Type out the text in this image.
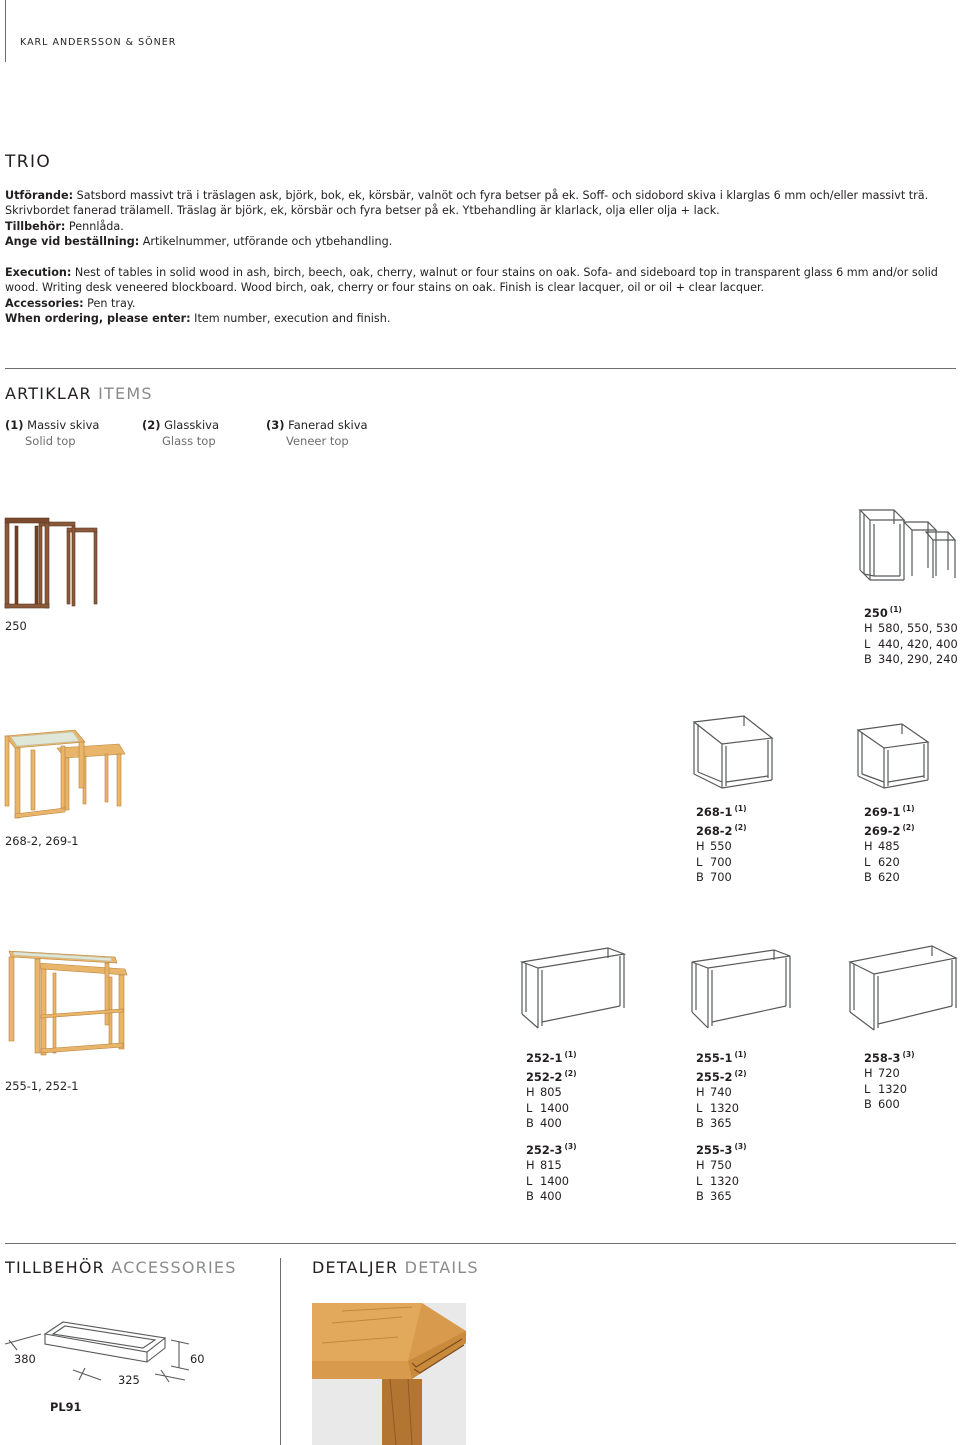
KARL ANDERSSON & SÖNER
TRIO

Utförande: Satsbord massivt trä i träslagen ask, björk, bok, ek, körsbär, valnöt och fyra betser på ek. Soff- och sidobord skiva i klarglas 6 mm och/eller massivt trä. Skrivbordet fanerad trälamell. Träslag är björk, ek, körsbär och fyra betser på ek. Ytbehandling är klarlack, olja eller olja + lack.

Tillbehör: Pennlåda.

Ange vid beställning: Artikelnummer, utförande och ytbehandling.

Execution: Nest of tables in solid wood in ash, birch, beech, oak, cherry, walnut or four stains on oak. Sofa- and sideboard top in transparent glass 6 mm and/or solid wood. Writing desk veneered blockboard. Wood birch, oak, cherry or four stains on oak. Finish is clear lacquer, oil or oil + clear lacquer.

Accessories: Pen tray.

When ordering, please enter: Item number, execution and finish.

ARTIKLAR ITEMS
(1) Massiv skiva
Solid top
(2) Glasskiva
Glass top
(3) Fanerad skiva
Veneer top
250
250 $^{(1)}$
H 580, 550, 530
L 440, 420, 400
B 340, 290, 240
268-2, 269-1
268-1 $^{(1)}$
268-2 $^{(2)}$
H 550
L 700
B 700
269-1 $^{(1)}$
269-2 $^{(2)}$
H 485
L 620
B 620
255-1, 252-1
252-1 $^{(1)}$
252-2 $^{(2)}$
H 805
L 1400
B 400
255-1 $^{(1)}$
255-2 $^{(2)}$
H 740
L 1320
B 365
258-3 $^{(3)}$
H 720
L 1320
B 600
252-3 $^{(3)}$
H 815
L 1400
B 400
255-3 $^{(3)}$
H 750
L 1320
B 365
TILLBEHÖR ACCESSORIES	DETALJER DETAILS
380
325
60
PL91
